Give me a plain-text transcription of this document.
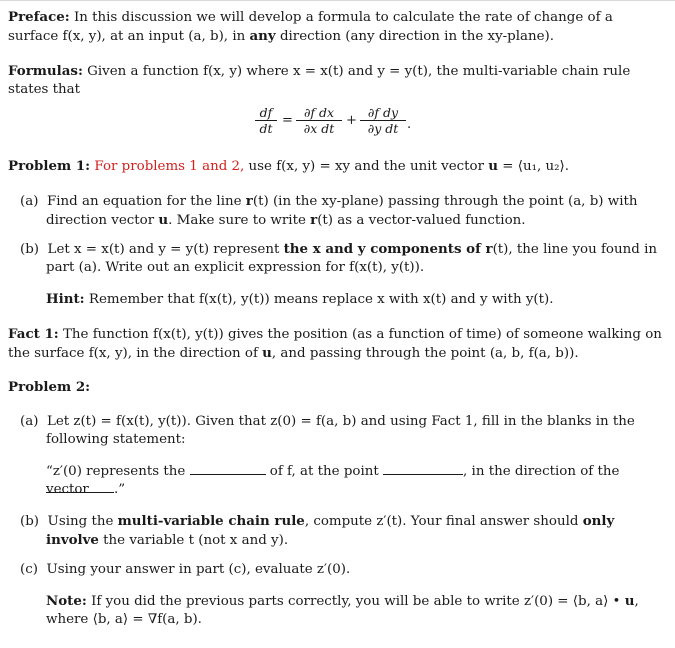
Preface: In this discussion we will develop a formula to calculate the rate of change of a surface f(x, y), at an input (a, b), in any direction (any direction in the xy-plane).
Formulas: Given a function f(x, y) where x = x(t) and y = y(t), the multi-variable chain rule states that
$\frac{df}{dt} = \frac{\text{∂f dx}}{\text{∂x dt}} + \frac{\text{∂f dy}}{\text{∂y dt}}$ .
Problem 1: For problems 1 and 2, use f(x, y) = xy and the unit vector u = ⟨u₁, u₂⟩.
(a) Find an equation for the line r(t) (in the xy-plane) passing through the point (a, b) with direction vector u. Make sure to write r(t) as a vector-valued function.
(b) Let x = x(t) and y = y(t) represent the x and y components of r(t), the line you found in part (a). Write out an explicit expression for f(x(t), y(t)).
Hint: Remember that f(x(t), y(t)) means replace x with x(t) and y with y(t).
Fact 1: The function f(x(t), y(t)) gives the position (as a function of time) of someone walking on the surface f(x, y), in the direction of u, and passing through the point (a, b, f(a, b)).
Problem 2:
(a) Let z(t) = f(x(t), y(t)). Given that z(0) = f(a, b) and using Fact 1, fill in the blanks in the following statement:
“z′(0) represents the	of f, at the point	, in the direction of the vector	.”
(b) Using the multi-variable chain rule, compute z′(t). Your final answer should only involve the variable t (not x and y).
(c) Using your answer in part (c), evaluate z′(0).
Note: If you did the previous parts correctly, you will be able to write z′(0) = ⟨b, a⟩ • u, where ⟨b, a⟩ = ∇f(a, b).
